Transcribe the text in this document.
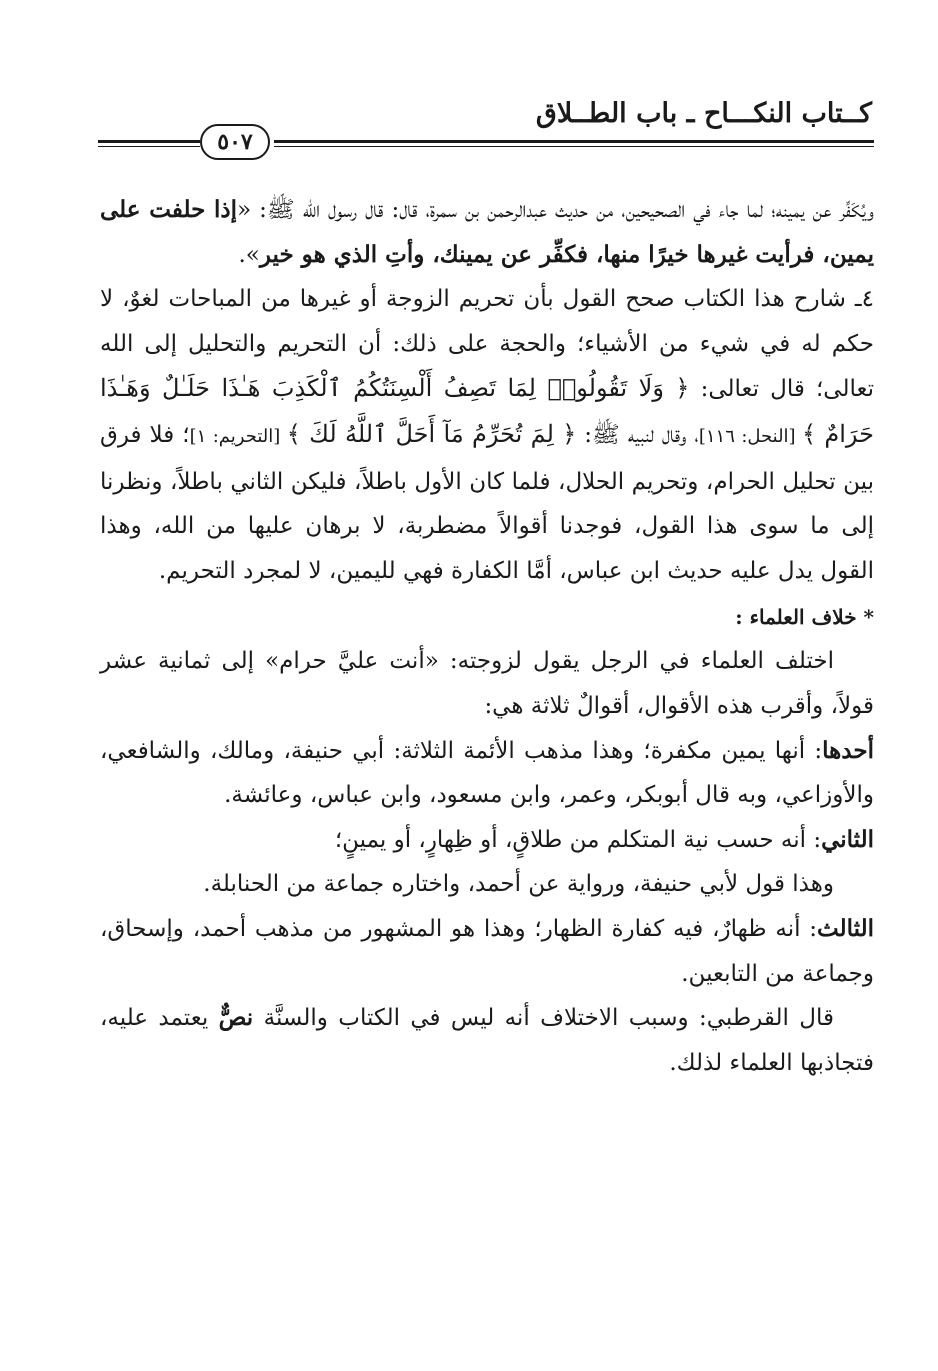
كــتاب النكـــاح ـ باب الطــلاق
٥٠٧

ويُكَفِّر عن يمينه؛ لما جاء في الصحيحين، من حديث عبدالرحمن بن سمرة، قال: قال رسول الله ﷺ: «إذا حلفت على يمين، فرأيت غيرها خيرًا منها، فكفِّر عن يمينك، وأتِ الذي هو خير».

٤ـ شارح هذا الكتاب صحح القول بأن تحريم الزوجة أو غيرها من المباحات لغوٌ، لا حكم له في شيء من الأشياء؛ والحجة على ذلك: أن التحريم والتحليل إلى الله تعالى؛ قال تعالى: ﴿ وَلَا تَقُولُوا۟ لِمَا تَصِفُ أَلْسِنَتُكُمُ ٱلْكَذِبَ هَـٰذَا حَلَـٰلٌ وَهَـٰذَا حَرَامٌ ﴾ [النحل: ١١٦]، وقال لنبيه ﷺ: ﴿ لِمَ تُحَرِّمُ مَآ أَحَلَّ ٱللَّهُ لَكَ ﴾ [التحريم: ١]؛ فلا فرق بين تحليل الحرام، وتحريم الحلال، فلما كان الأول باطلاً، فليكن الثاني باطلاً، ونظرنا إلى ما سوى هذا القول، فوجدنا أقوالاً مضطربة، لا برهان عليها من الله، وهذا القول يدل عليه حديث ابن عباس، أمَّا الكفارة فهي لليمين، لا لمجرد التحريم.

* خلاف العلماء :

اختلف العلماء في الرجل يقول لزوجته: «أنت عليَّ حرام» إلى ثمانية عشر قولاً، وأقرب هذه الأقوال، أقوالٌ ثلاثة هي:

أحدها: أنها يمين مكفرة؛ وهذا مذهب الأئمة الثلاثة: أبي حنيفة، ومالك، والشافعي، والأوزاعي، وبه قال أبوبكر، وعمر، وابن مسعود، وابن عباس، وعائشة.

الثاني: أنه حسب نية المتكلم من طلاقٍ، أو ظِهارٍ، أو يمينٍ؛

وهذا قول لأبي حنيفة، ورواية عن أحمد، واختاره جماعة من الحنابلة.

الثالث: أنه ظهارٌ، فيه كفارة الظهار؛ وهذا هو المشهور من مذهب أحمد، وإسحاق، وجماعة من التابعين.

قال القرطبي: وسبب الاختلاف أنه ليس في الكتاب والسنَّة نصٌّ يعتمد عليه، فتجاذبها العلماء لذلك.
